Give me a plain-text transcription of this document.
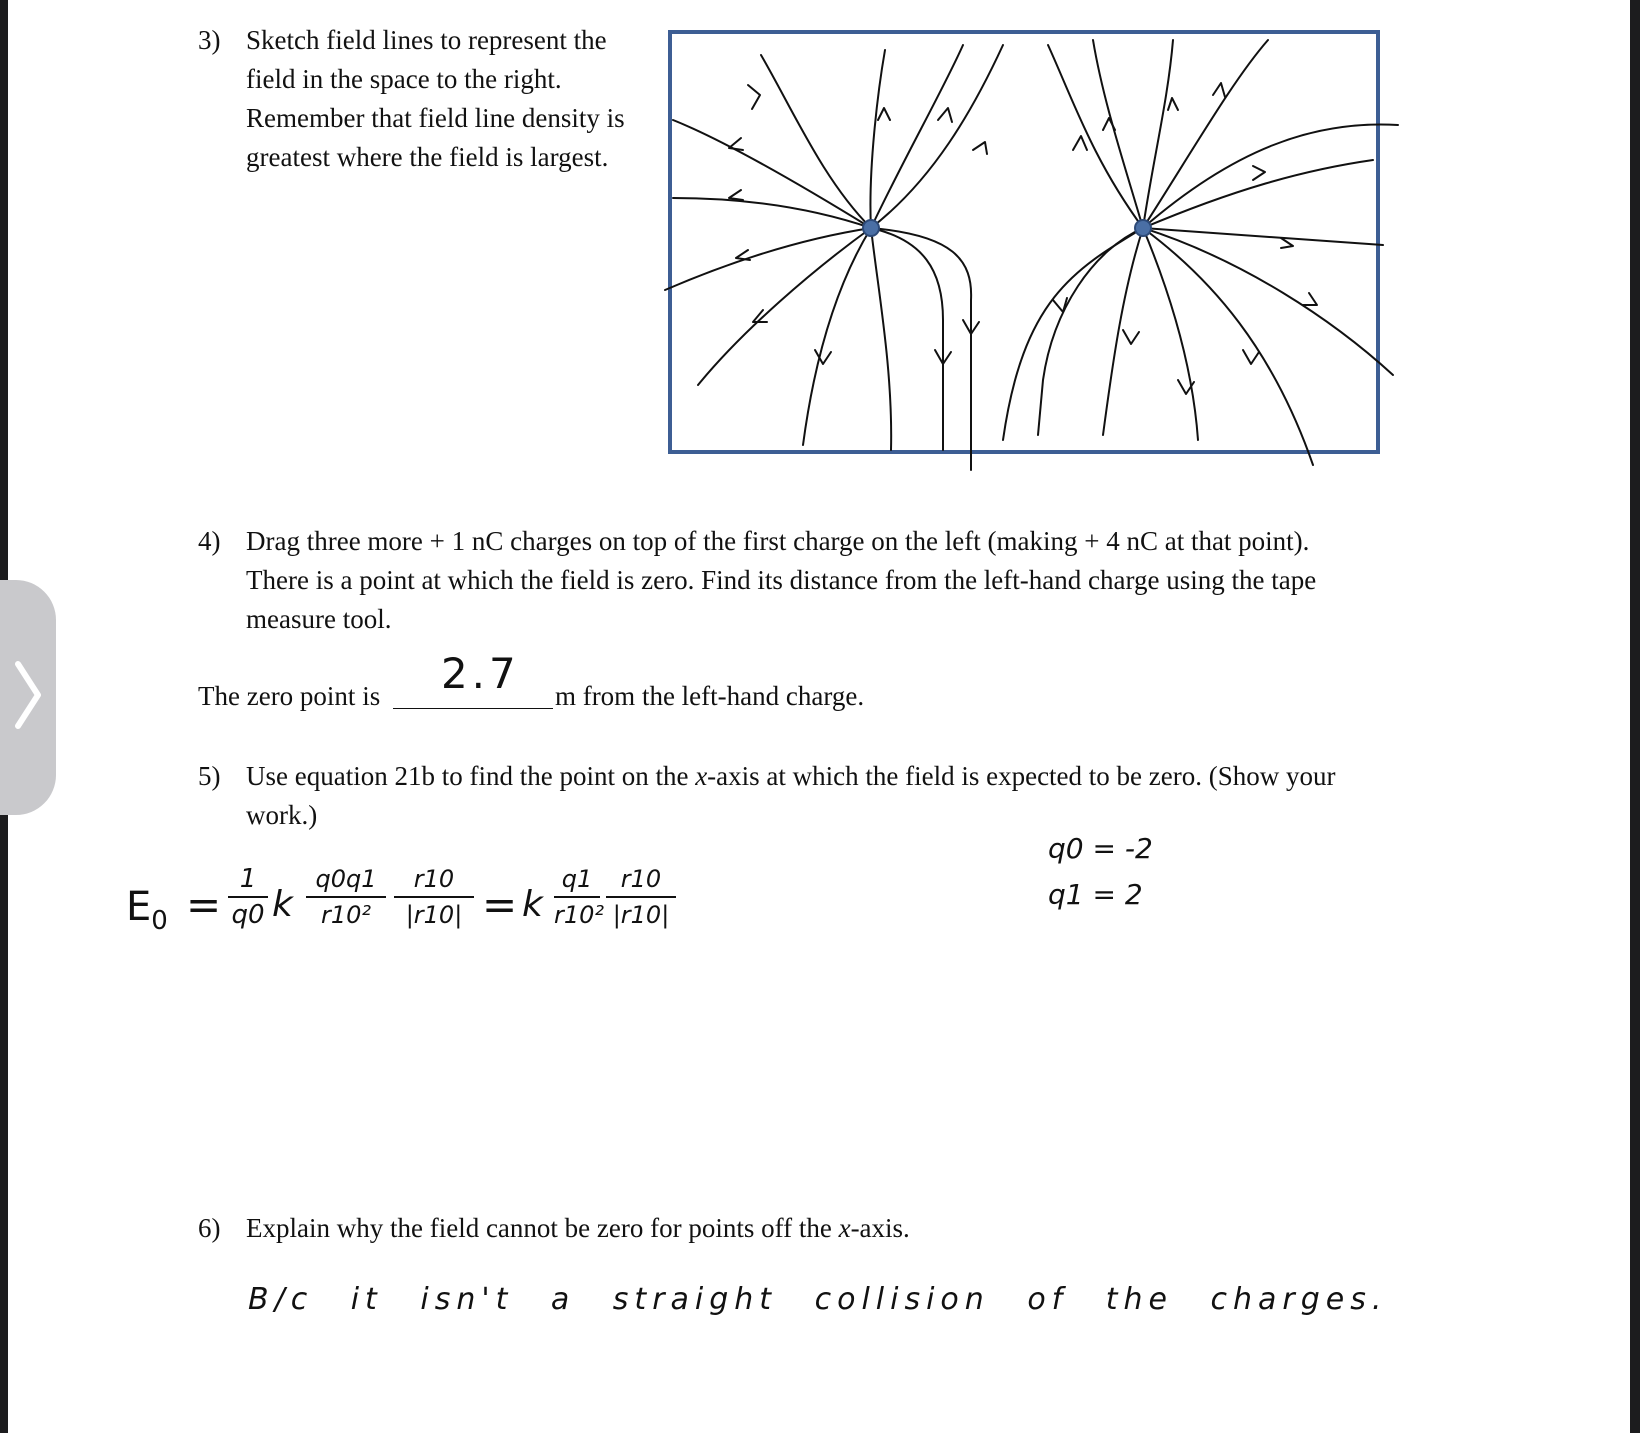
3) Sketch field lines to represent the
field in the space to the right.
Remember that field line density is
greatest where the field is largest.
4) Drag three more + 1 nC charges on top of the first charge on the left (making + 4 nC at that point).
There is a point at which the field is zero. Find its distance from the left-hand charge using the tape
measure tool.
The zero point is 2.7 m from the left-hand charge.
5) Use equation 21b to find the point on the x-axis at which the field is expected to be zero. (Show your
work.)
$E_0 = \frac{1}{q0}$ k $\frac{q0q1}{\text{r10²}} \frac{r10}{|r10|} = k \frac{q1}{\text{r10²}} \frac{r10}{|r10|}$
q0 = -2
q1 = 2
6) Explain why the field cannot be zero for points off the x-axis.
B/c it isn't a straight collision of the charges.
